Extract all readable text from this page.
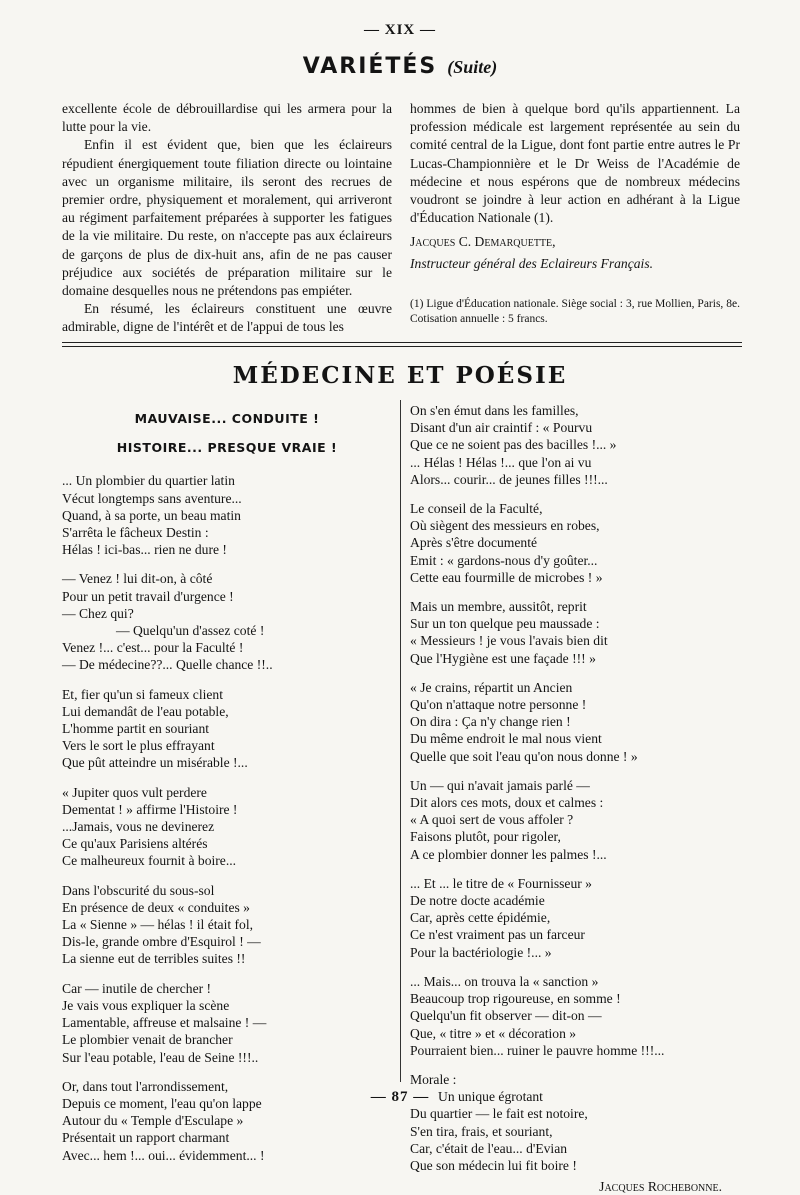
— XIX —
VARIÉTÉS (Suite)

excellente école de débrouillardise qui les armera pour la lutte pour la vie.

Enfin il est évident que, bien que les éclaireurs répudient énergiquement toute filiation directe ou lointaine avec un organisme militaire, ils seront des recrues de premier ordre, physiquement et moralement, qui arriveront au régiment parfaitement préparées à supporter les fatigues de la vie militaire. Du reste, on n'accepte pas aux éclaireurs de garçons de plus de dix-huit ans, afin de ne pas causer préjudice aux sociétés de préparation militaire sur le domaine desquelles nous ne prétendons pas empiéter.

En résumé, les éclaireurs constituent une œuvre admirable, digne de l'intérêt et de l'appui de tous les

hommes de bien à quelque bord qu'ils appartiennent. La profession médicale est largement représentée au sein du comité central de la Ligue, dont font partie entre autres le Pr Lucas-Championnière et le Dr Weiss de l'Académie de médecine et nous espérons que de nombreux médecins voudront se joindre à leur action en adhérant à la Ligue d'Éducation Nationale (1).

Jacques C. Demarquette,

Instructeur général des Eclaireurs Français.

(1) Ligue d'Éducation nationale. Siège social : 3, rue Mollien, Paris, 8e. Cotisation annuelle : 5 francs.
MÉDECINE ET POÉSIE
MAUVAISE... CONDUITE !
HISTOIRE... PRESQUE VRAIE !
... Un plombier du quartier latin
Vécut longtemps sans aventure...
Quand, à sa porte, un beau matin
S'arrêta le fâcheux Destin :
Hélas ! ici-bas... rien ne dure !
— Venez ! lui dit-on, à côté
Pour un petit travail d'urgence !
— Chez qui?
— Quelqu'un d'assez coté !
Venez !... c'est... pour la Faculté !
— De médecine??... Quelle chance !!..
Et, fier qu'un si fameux client
Lui demandât de l'eau potable,
L'homme partit en souriant
Vers le sort le plus effrayant
Que pût atteindre un misérable !...
« Jupiter quos vult perdere
Dementat ! » affirme l'Histoire !
...Jamais, vous ne devinerez
Ce qu'aux Parisiens altérés
Ce malheureux fournit à boire...
Dans l'obscurité du sous-sol
En présence de deux « conduites »
La « Sienne » — hélas ! il était fol,
Dis-le, grande ombre d'Esquirol ! —
La sienne eut de terribles suites !!
Car — inutile de chercher !
Je vais vous expliquer la scène
Lamentable, affreuse et malsaine ! —
Le plombier venait de brancher
Sur l'eau potable, l'eau de Seine !!!..
Or, dans tout l'arrondissement,
Depuis ce moment, l'eau qu'on lappe
Autour du « Temple d'Esculape »
Présentait un rapport charmant
Avec... hem !... oui... évidemment... !
On s'en émut dans les familles,
Disant d'un air craintif : « Pourvu
Que ce ne soient pas des bacilles !... »
... Hélas ! Hélas !... que l'on ai vu
Alors... courir... de jeunes filles !!!...
Le conseil de la Faculté,
Où siègent des messieurs en robes,
Après s'être documenté
Emit : « gardons-nous d'y goûter...
Cette eau fourmille de microbes ! »
Mais un membre, aussitôt, reprit
Sur un ton quelque peu maussade :
« Messieurs ! je vous l'avais bien dit
Que l'Hygiène est une façade !!! »
« Je crains, répartit un Ancien
Qu'on n'attaque notre personne !
On dira : Ça n'y change rien !
Du même endroit le mal nous vient
Quelle que soit l'eau qu'on nous donne ! »
Un — qui n'avait jamais parlé —
Dit alors ces mots, doux et calmes :
« A quoi sert de vous affoler ?
Faisons plutôt, pour rigoler,
A ce plombier donner les palmes !...
... Et ... le titre de « Fournisseur »
De notre docte académie
Car, après cette épidémie,
Ce n'est vraiment pas un farceur
Pour la bactériologie !... »
... Mais... on trouva la « sanction »
Beaucoup trop rigoureuse, en somme !
Quelqu'un fit observer — dit-on —
Que, « titre » et « décoration »
Pourraient bien... ruiner le pauvre homme !!!...
Morale :
Un unique égrotant
Du quartier — le fait est notoire,
S'en tira, frais, et souriant,
Car, c'était de l'eau... d'Evian
Que son médecin lui fit boire !
Jacques Rochebonne.
— 87 —
